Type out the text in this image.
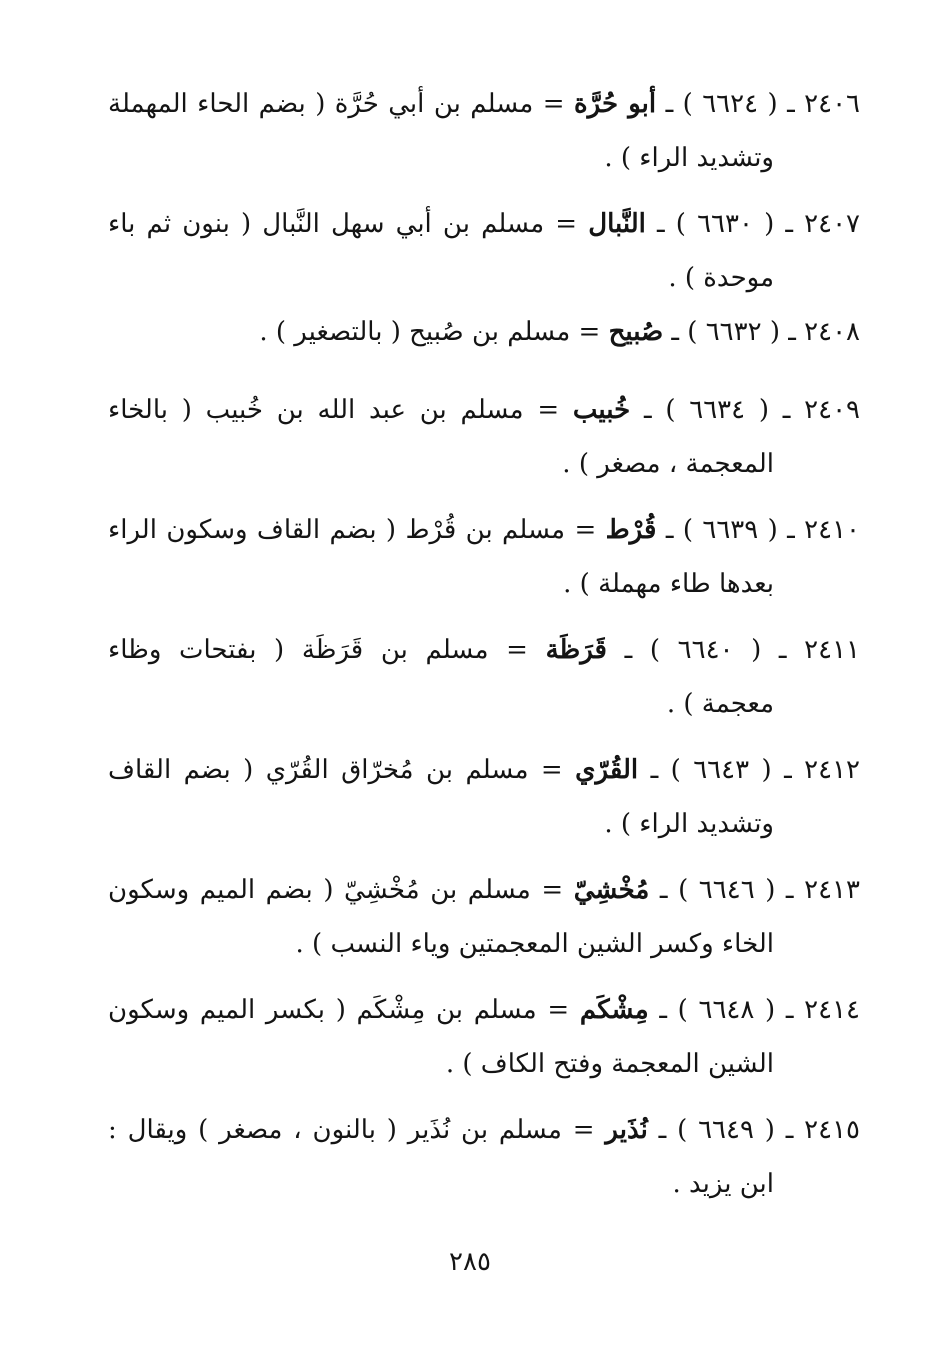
٢٤٠٦ ـ ( ٦٦٢٤ ) ـ أبو حُرَّة = مسلم بن أبي حُرَّة ( بضم الحاء المهملة
وتشديد الراء ) .
٢٤٠٧ ـ ( ٦٦٣٠ ) ـ النَّبال = مسلم بن أبي سهل النَّبال ( بنون ثم باء
موحدة ) .
٢٤٠٨ ـ ( ٦٦٣٢ ) ـ صُبيح = مسلم بن صُبيح ( بالتصغير ) .
٢٤٠٩ ـ ( ٦٦٣٤ ) ـ خُبيب = مسلم بن عبد الله بن خُبيب ( بالخاء
المعجمة ، مصغر ) .
٢٤١٠ ـ ( ٦٦٣٩ ) ـ قُرْط = مسلم بن قُرْط ( بضم القاف وسكون الراء
بعدها طاء مهملة ) .
٢٤١١ ـ ( ٦٦٤٠ ) ـ قَرَظَة = مسلم بن قَرَظَة ( بفتحات وظاء
معجمة ) .
٢٤١٢ ـ ( ٦٦٤٣ ) ـ القُرّي = مسلم بن مُخرّاق القُرّي ( بضم القاف
وتشديد الراء ) .
٢٤١٣ ـ ( ٦٦٤٦ ) ـ مُخْشِيّ = مسلم بن مُخْشِيّ ( بضم الميم وسكون
الخاء وكسر الشين المعجمتين وياء النسب ) .
٢٤١٤ ـ ( ٦٦٤٨ ) ـ مِشْكَم = مسلم بن مِشْكَم ( بكسر الميم وسكون
الشين المعجمة وفتح الكاف ) .
٢٤١٥ ـ ( ٦٦٤٩ ) ـ نُذَير = مسلم بن نُذَير ( بالنون ، مصغر ) ويقال :
ابن يزيد .
٢٨٥
